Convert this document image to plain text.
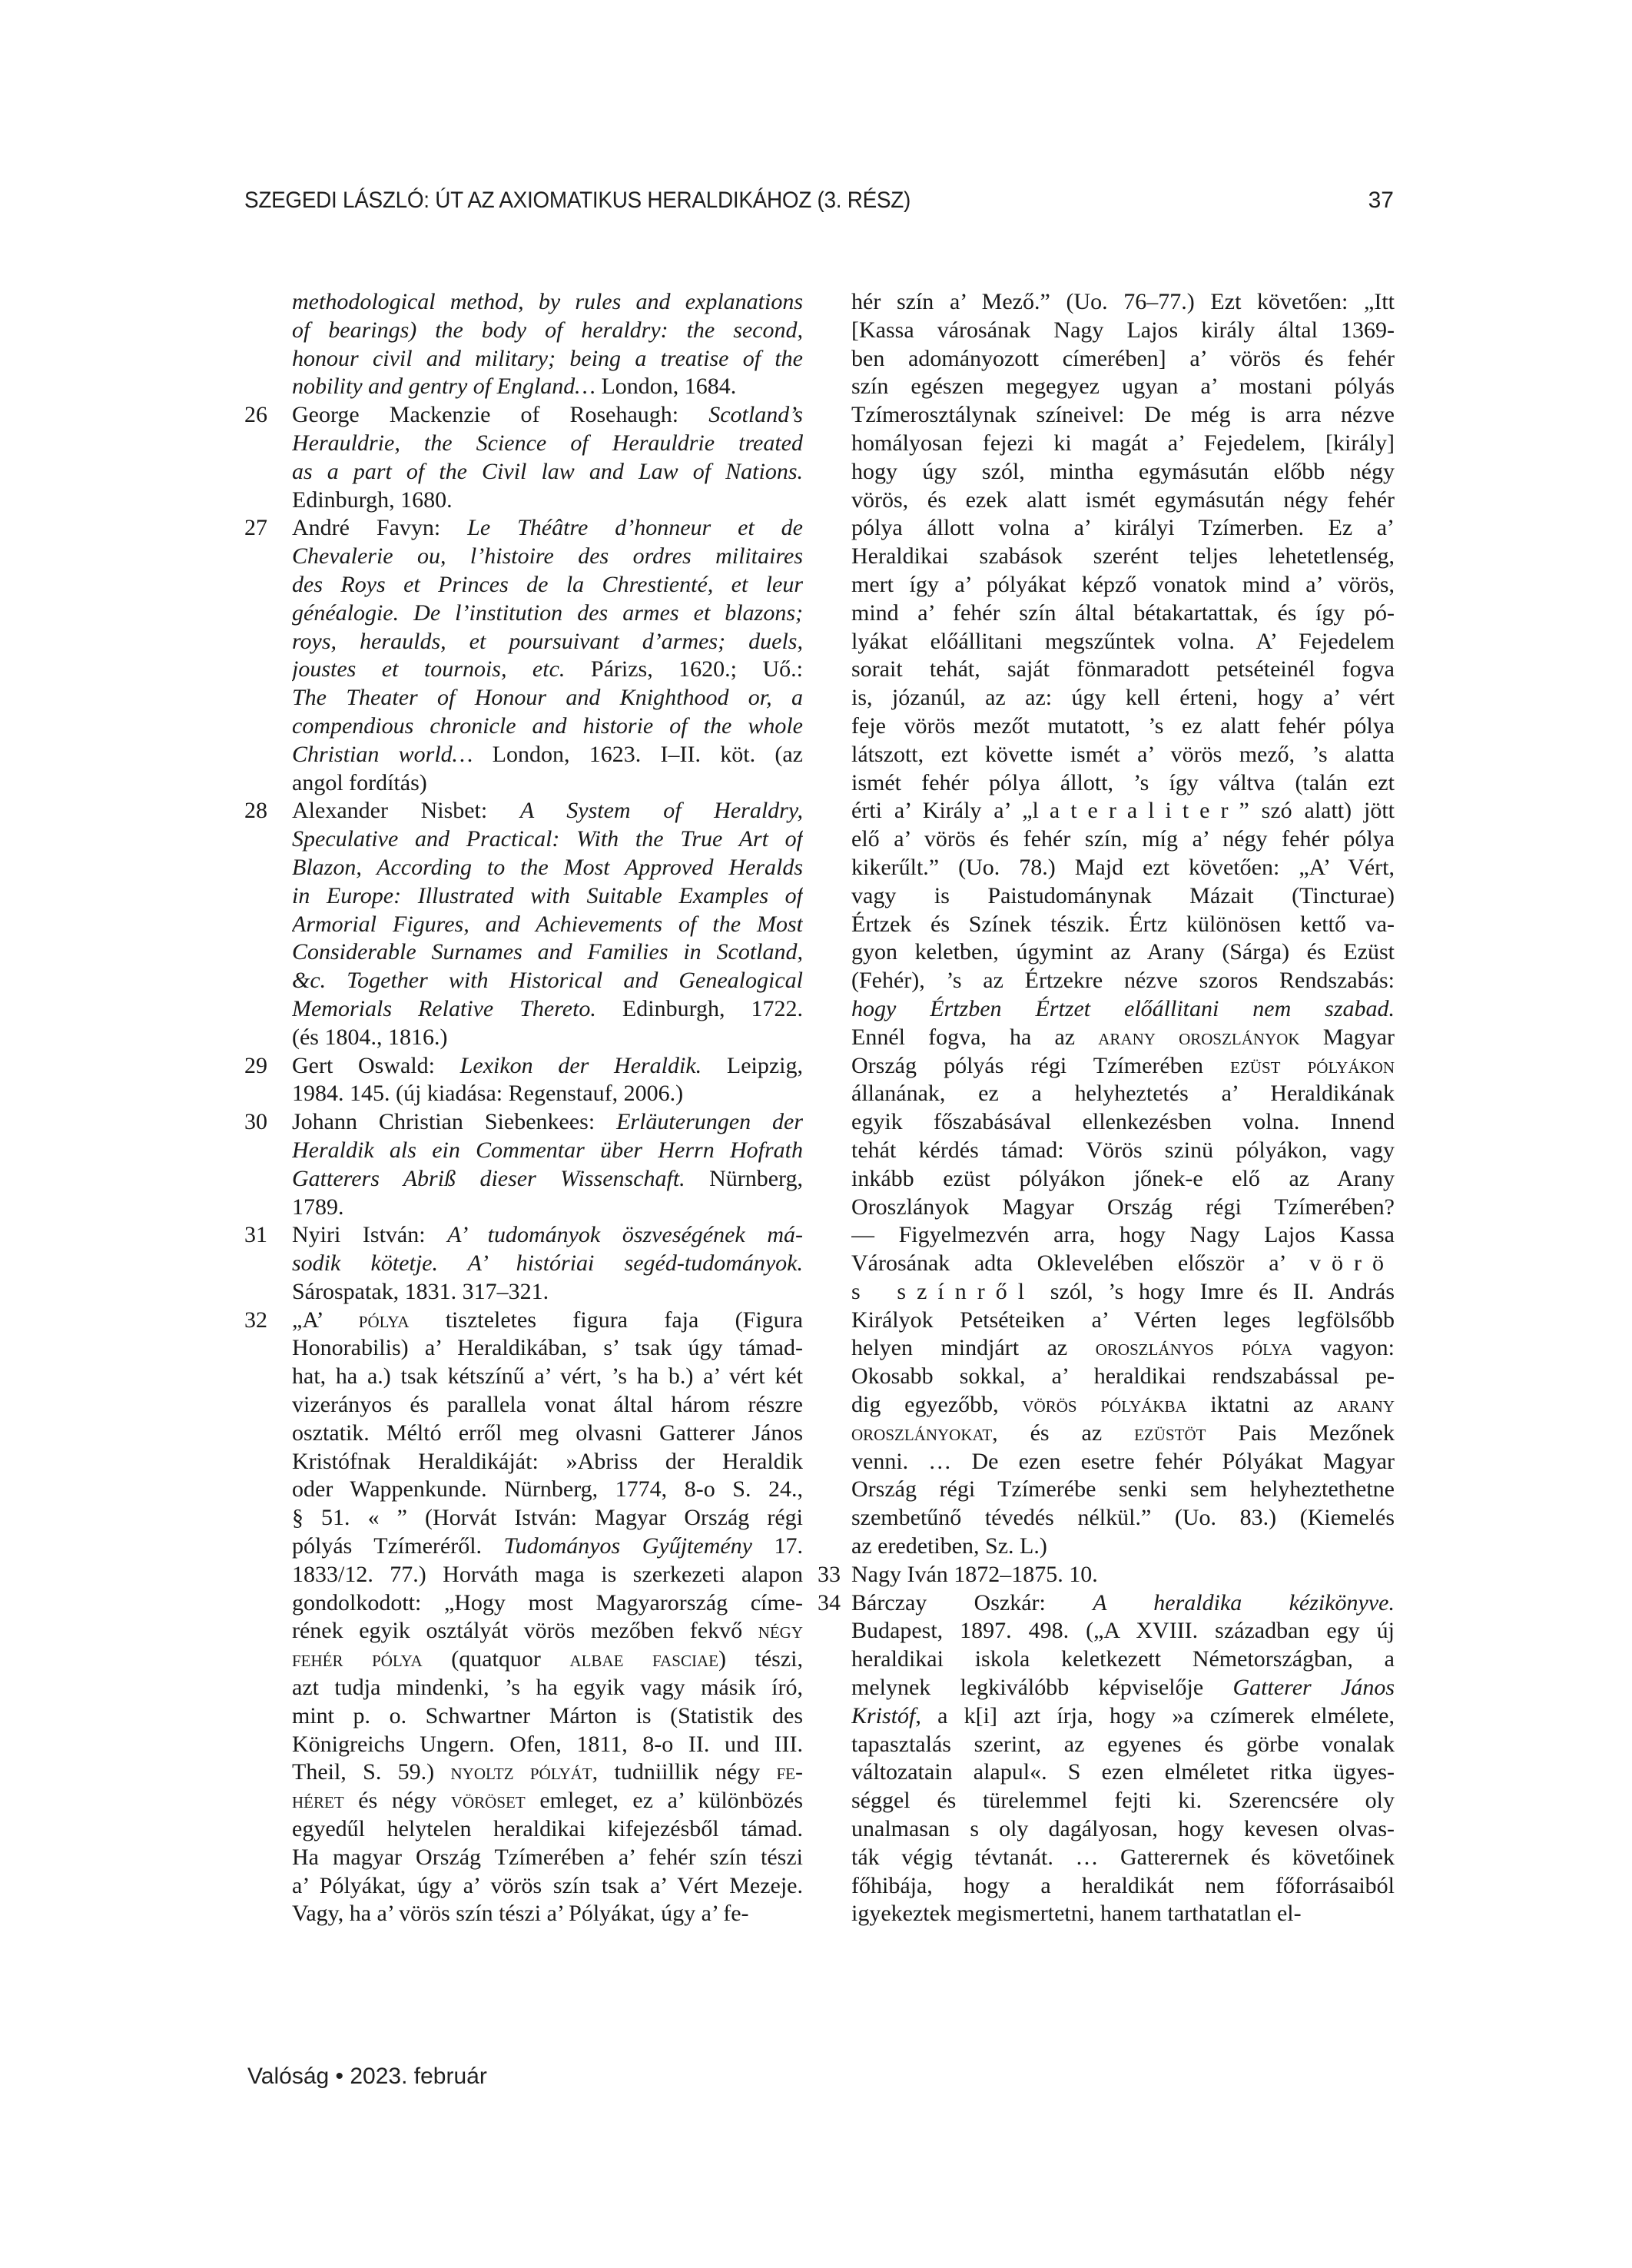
SZEGEDI LÁSZLÓ: ÚT AZ AXIOMATIKUS HERALDIKÁHOZ (3. RÉSZ)	37
methodological method, by rules and explanations
of bearings) the body of heraldry: the second,
honour civil and military; being a treatise of the
nobility and gentry of England… London, 1684.
26	George Mackenzie of Rosehaugh: Scotland’s
Herauldrie, the Science of Herauldrie treated
as a part of the Civil law and Law of Nations.
Edinburgh, 1680.
27	André Favyn: Le Théâtre d’honneur et de
Chevalerie ou, l’histoire des ordres militaires
des Roys et Princes de la Chrestienté, et leur
généalogie. De l’institution des armes et blazons;
roys, heraulds, et poursuivant d’armes; duels,
joustes et tournois, etc. Párizs, 1620.; Uő.:
The Theater of Honour and Knighthood or, a
compendious chronicle and historie of the whole
Christian world… London, 1623. I–II. köt. (az
angol fordítás)
28	Alexander Nisbet: A System of Heraldry,
Speculative and Practical: With the True Art of
Blazon, According to the Most Approved Heralds
in Europe: Illustrated with Suitable Examples of
Armorial Figures, and Achievements of the Most
Considerable Surnames and Families in Scotland,
&c. Together with Historical and Genealogical
Memorials Relative Thereto. Edinburgh, 1722.
(és 1804., 1816.)
29	Gert Oswald: Lexikon der Heraldik. Leipzig,
1984. 145. (új kiadása: Regenstauf, 2006.)
30	Johann Christian Siebenkees: Erläuterungen der
Heraldik als ein Commentar über Herrn Hofrath
Gatterers Abriß dieser Wissenschaft. Nürnberg,
1789.
31	Nyiri István: A’ tudományok öszveségének má-
sodik kötetje. A’ históriai segéd-tudományok.
Sárospatak, 1831. 317–321.
32	„A’ pólya tiszteletes figura faja (Figura
Honorabilis) a’ Heraldikában, s’ tsak úgy támad-
hat, ha a.) tsak kétszínű a’ vért, ’s ha b.) a’ vért két
vizerányos és parallela vonat által három részre
osztatik. Méltó erről meg olvasni Gatterer János
Kristófnak Heraldikáját: »Abriss der Heraldik
oder Wappenkunde. Nürnberg, 1774, 8-o S. 24.,
§ 51. « ” (Horvát István: Magyar Ország régi
pólyás Tzímeréről. Tudományos Gyűjtemény 17.
1833/12. 77.) Horváth maga is szerkezeti alapon
gondolkodott: „Hogy most Magyarország címe-
rének egyik osztályát vörös mezőben fekvő négy
fehér pólya (quatquor albae fasciae) tészi,
azt tudja mindenki, ’s ha egyik vagy másik író,
mint p. o. Schwartner Márton is (Statistik des
Königreichs Ungern. Ofen, 1811, 8-o II. und III.
Theil, S. 59.) nyoltz pólyát, tudniillik négy fe-
héret és négy vöröset emleget, ez a’ különbözés
egyedűl helytelen heraldikai kifejezésből támad.
Ha magyar Ország Tzímerében a’ fehér szín tészi
a’ Pólyákat, úgy a’ vörös szín tsak a’ Vért Mezeje.
Vagy, ha a’ vörös szín tészi a’ Pólyákat, úgy a’ fe-
hér szín a’ Mező.” (Uo. 76–77.) Ezt követően: „Itt
[Kassa városának Nagy Lajos király által 1369-
ben adományozott címerében] a’ vörös és fehér
szín egészen megegyez ugyan a’ mostani pólyás
Tzímerosztálynak színeivel: De még is arra nézve
homályosan fejezi ki magát a’ Fejedelem, [király]
hogy úgy szól, mintha egymásután előbb négy
vörös, és ezek alatt ismét egymásután négy fehér
pólya állott volna a’ királyi Tzímerben. Ez a’
Heraldikai szabások szerént teljes lehetetlenség,
mert így a’ pólyákat képző vonatok mind a’ vörös,
mind a’ fehér szín által bétakartattak, és így pó-
lyákat előállitani megszűntek volna. A’ Fejedelem
sorait tehát, saját fönmaradott petséteinél fogva
is, józanúl, az az: úgy kell érteni, hogy a’ vért
feje vörös mezőt mutatott, ’s ez alatt fehér pólya
látszott, ezt követte ismét a’ vörös mező, ’s alatta
ismét fehér pólya állott, ’s így váltva (talán ezt
érti a’ Király a’ „lateraliter” szó alatt) jött
elő a’ vörös és fehér szín, míg a’ négy fehér pólya
kikerűlt.” (Uo. 78.) Majd ezt követően: „A’ Vért,
vagy is Paistudománynak Mázait (Tincturae)
Értzek és Színek tészik. Értz különösen kettő va-
gyon keletben, úgymint az Arany (Sárga) és Ezüst
(Fehér), ’s az Értzekre nézve szoros Rendszabás:
hogy Értzben Értzet előállitani nem szabad.
Ennél fogva, ha az arany oroszlányok Magyar
Ország pólyás régi Tzímerében ezüst pólyákon
állanának, ez a helyheztetés a’ Heraldikának
egyik főszabásával ellenkezésben volna. Innend
tehát kérdés támad: Vörös szinü pólyákon, vagy
inkább ezüst pólyákon jőnek-e elő az Arany
Oroszlányok Magyar Ország régi Tzímerében?
— Figyelmezvén arra, hogy Nagy Lajos Kassa
Városának adta Oklevelében először a’ vörö
s színről szól, ’s hogy Imre és II. András
Királyok Petséteiken a’ Vérten leges legfölsőbb
helyen mindjárt az oroszlányos pólya vagyon:
Okosabb sokkal, a’ heraldikai rendszabással pe-
dig egyezőbb, vörös pólyákba iktatni az arany
oroszlányokat, és az ezüstöt Pais Mezőnek
venni. … De ezen esetre fehér Pólyákat Magyar
Ország régi Tzímerébe senki sem helyheztethetne
szembetűnő tévedés nélkül.” (Uo. 83.) (Kiemelés
az eredetiben, Sz. L.)
33 Nagy Iván 1872–1875. 10.
34 Bárczay Oszkár: A heraldika kézikönyve.
Budapest, 1897. 498. („A XVIII. században egy új
heraldikai iskola keletkezett Németországban, a
melynek legkiválóbb képviselője Gatterer János
Kristóf, a k[i] azt írja, hogy »a czímerek elmélete,
tapasztalás szerint, az egyenes és görbe vonalak
változatain alapul«. S ezen elméletet ritka ügyes-
séggel és türelemmel fejti ki. Szerencsére oly
unalmasan s oly dagályosan, hogy kevesen olvas-
ták végig tévtanát. … Gatterernek és követőinek
főhibája, hogy a heraldikát nem főforrásaiból
igyekeztek megismertetni, hanem tarthatatlan el-
Valóság • 2023. február
